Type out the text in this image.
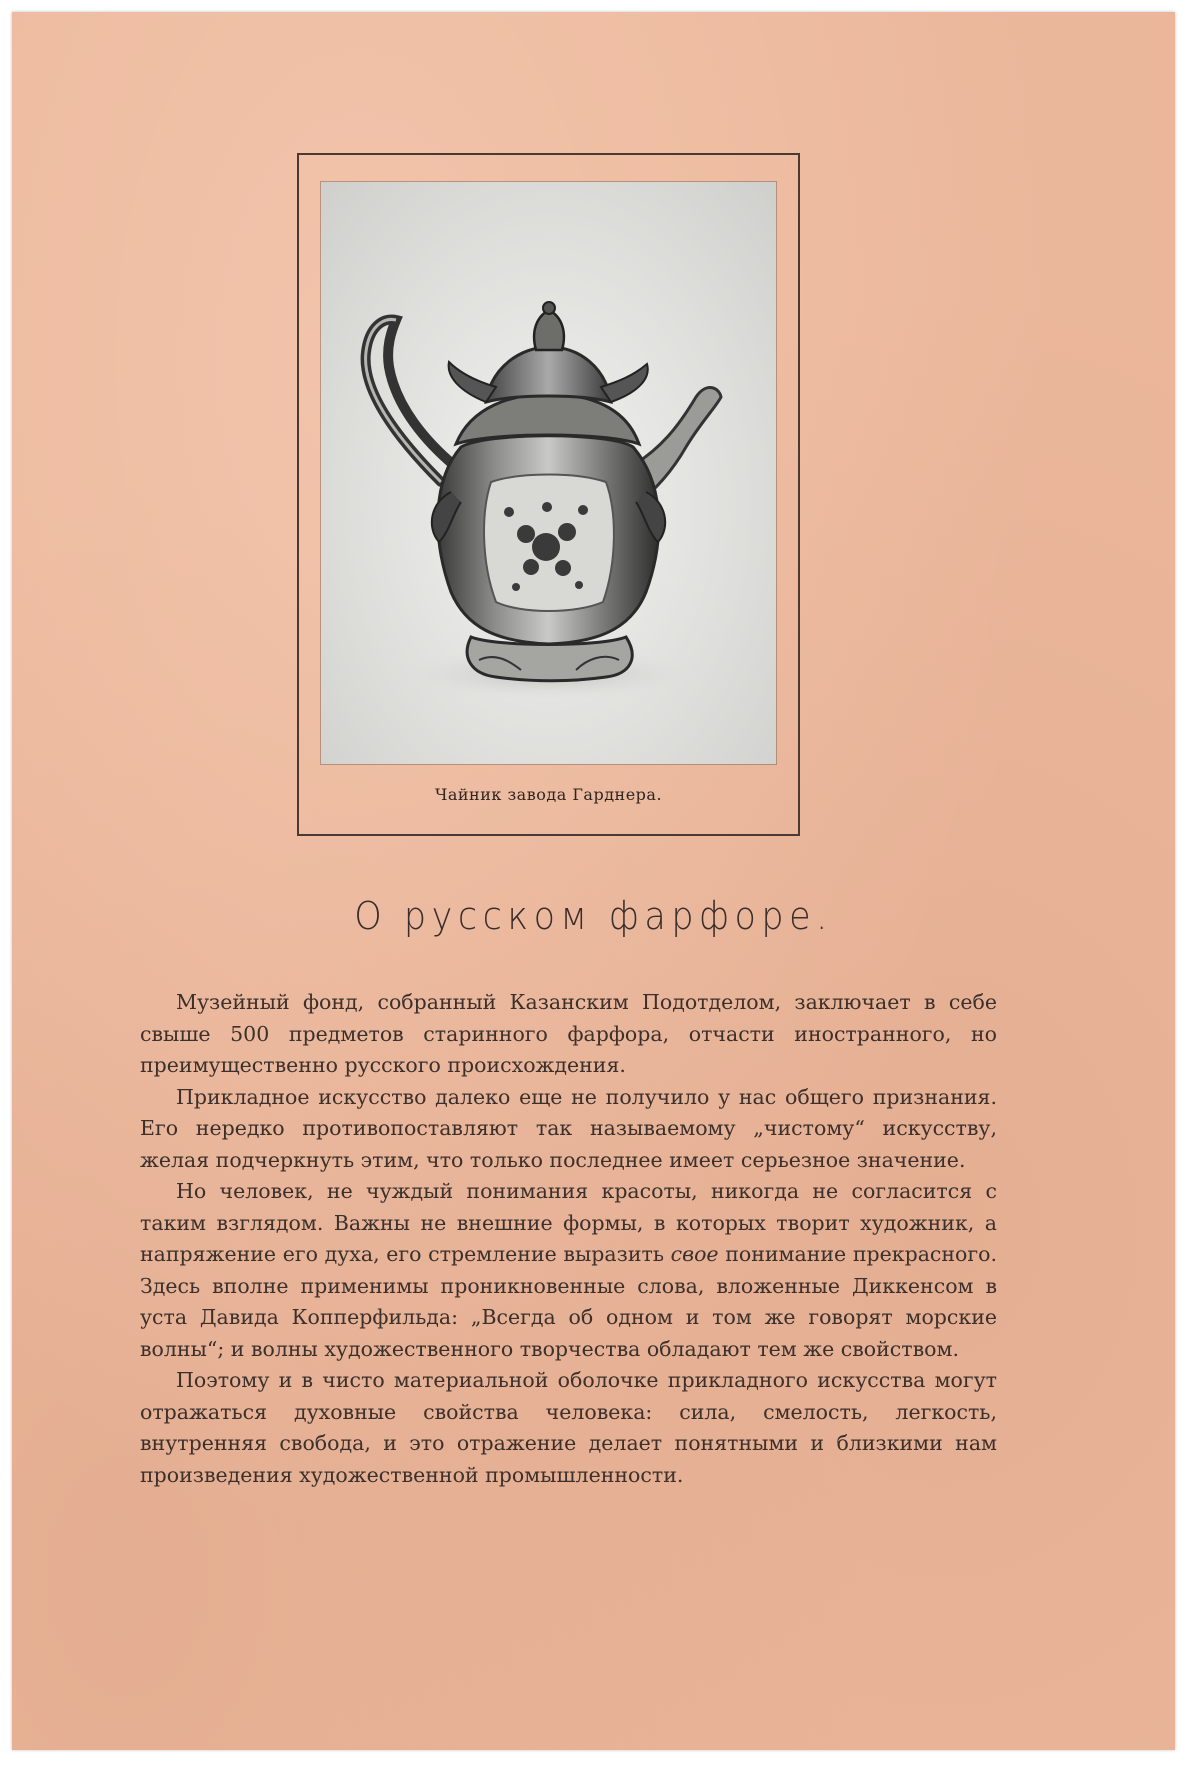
Чайник завода Гарднера.
О русском фарфоре.

Музейный фонд, собранный Казанским Подотделом, заключает в себе свыше 500 предметов старинного фарфора, отчасти иностранного, но преимущественно русского происхождения.

Прикладное искусство далеко еще не получило у нас общего признания. Его нередко противопоставляют так называемому „чистому“ искусству, желая подчеркнуть этим, что только последнее имеет серьезное значение.

Но человек, не чуждый понимания красоты, никогда не согласится с таким взглядом. Важны не внешние формы, в которых творит художник, а напряжение его духа, его стремление выразить свое понимание прекрасного. Здесь вполне применимы проникновенные слова, вложенные Диккенсом в уста Давида Копперфильда: „Всегда об одном и том же говорят морские волны“; и волны художественного творчества обладают тем же свойством.

Поэтому и в чисто материальной оболочке прикладного искусства могут отражаться духовные свойства человека: сила, смелость, легкость, внутренняя свобода, и это отражение делает понятными и близкими нам произведения художественной промышленности.
